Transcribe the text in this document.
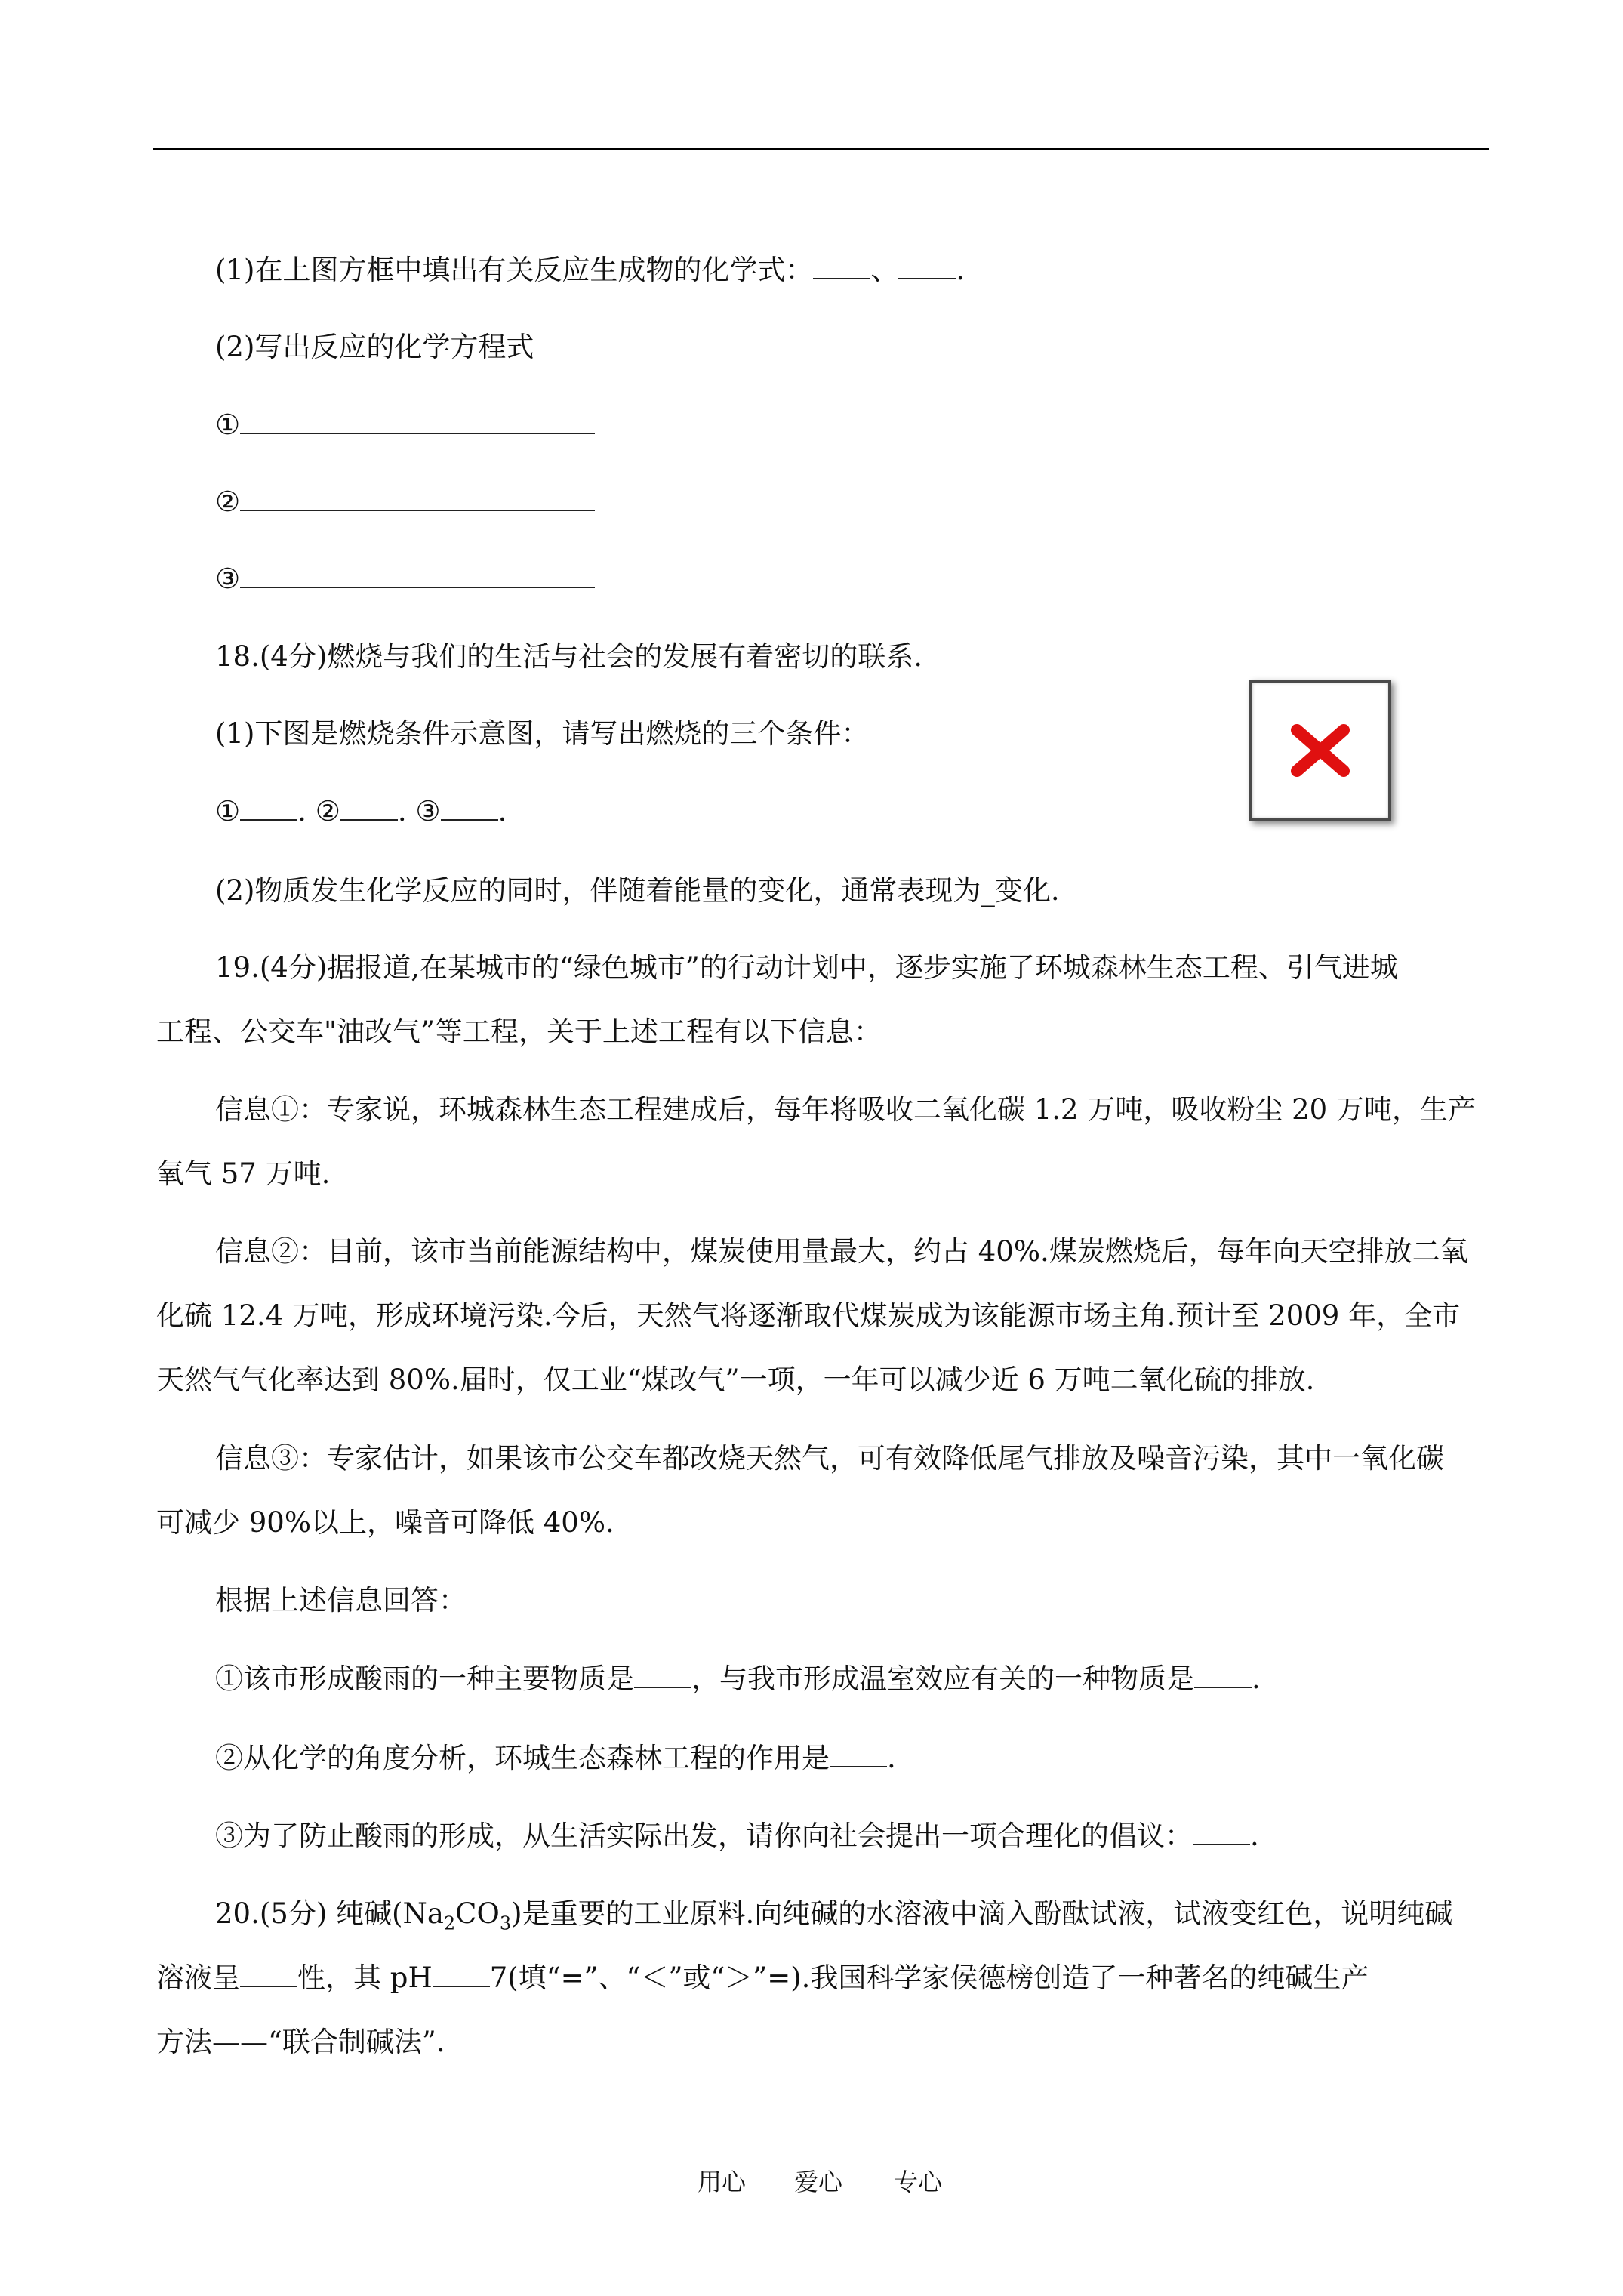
(1)在上图方框中填出有关反应生成物的化学式： 、 .
(2)写出反应的化学方程式
①
②
③
18.(4分)燃烧与我们的生活与社会的发展有着密切的联系.
(1)下图是燃烧条件示意图，请写出燃烧的三个条件：
① . ② . ③ .
(2)物质发生化学反应的同时，伴随着能量的变化，通常表现为_变化.
19.(4分)据报道,在某城市的“绿色城市”的行动计划中，逐步实施了环城森林生态工程、引气进城
工程、公交车"油改气”等工程，关于上述工程有以下信息：
信息①：专家说，环城森林生态工程建成后，每年将吸收二氧化碳 1.2 万吨，吸收粉尘 20 万吨，生产
氧气 57 万吨.
信息②：目前，该市当前能源结构中，煤炭使用量最大，约占 40%.煤炭燃烧后，每年向天空排放二氧
化硫 12.4 万吨，形成环境污染.今后，天然气将逐渐取代煤炭成为该能源市场主角.预计至 2009 年，全市
天然气气化率达到 80%.届时，仅工业“煤改气”一项，一年可以减少近 6 万吨二氧化硫的排放.
信息③：专家估计，如果该市公交车都改烧天然气，可有效降低尾气排放及噪音污染，其中一氧化碳
可减少 90%以上，噪音可降低 40%.
根据上述信息回答：
①该市形成酸雨的一种主要物质是 ，与我市形成温室效应有关的一种物质是 .
②从化学的角度分析，环城生态森林工程的作用是 .
③为了防止酸雨的形成，从生活实际出发，请你向社会提出一项合理化的倡议： .
20.(5分) 纯碱$(Na_2CO_3)$是重要的工业原料.向纯碱的水溶液中滴入酚酞试液，试液变红色，说明纯碱
溶液呈 性，其 pH 7(填“=”、“＜”或“＞”=).我国科学家侯德榜创造了一种著名的纯碱生产
方法——“联合制碱法”.
用心 爱心 专心
